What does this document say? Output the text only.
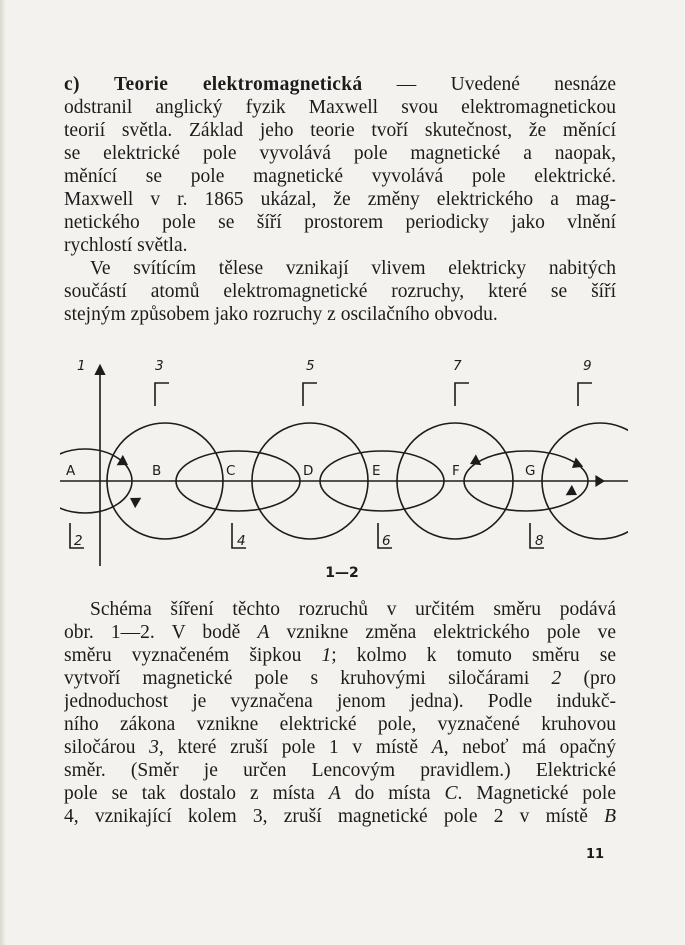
c) Teorie elektromagnetická — Uvedené nesnáze
odstranil anglický fyzik Maxwell svou elektromagnetickou
teorií světla. Základ jeho teorie tvoří skutečnost, že měnící
se elektrické pole vyvolává pole magnetické a naopak,
měnící se pole magnetické vyvolává pole elektrické.
Maxwell v r. 1865 ukázal, že změny elektrického a mag-
netického pole se šíří prostorem periodicky jako vlnění
rychlostí světla.
Ve svítícím tělese vznikají vlivem elektricky nabitých
součástí atomů elektromagnetické rozruchy, které se šíří
stejným způsobem jako rozruchy z oscilačního obvodu.
1	3	5	7	9
2	4	6	8
A	B	C	D	E	F	G
1—2
Schéma šíření těchto rozruchů v určitém směru podává
obr. 1—2. V bodě A vznikne změna elektrického pole ve
směru vyznačeném šipkou 1; kolmo k tomuto směru se
vytvoří magnetické pole s kruhovými siločárami 2 (pro
jednoduchost je vyznačena jenom jedna). Podle indukč-
ního zákona vznikne elektrické pole, vyznačené kruhovou
siločárou 3, které zruší pole 1 v místě A, neboť má opačný
směr. (Směr je určen Lencovým pravidlem.) Elektrické
pole se tak dostalo z místa A do místa C. Magnetické pole
4, vznikající kolem 3, zruší magnetické pole 2 v místě B
11
